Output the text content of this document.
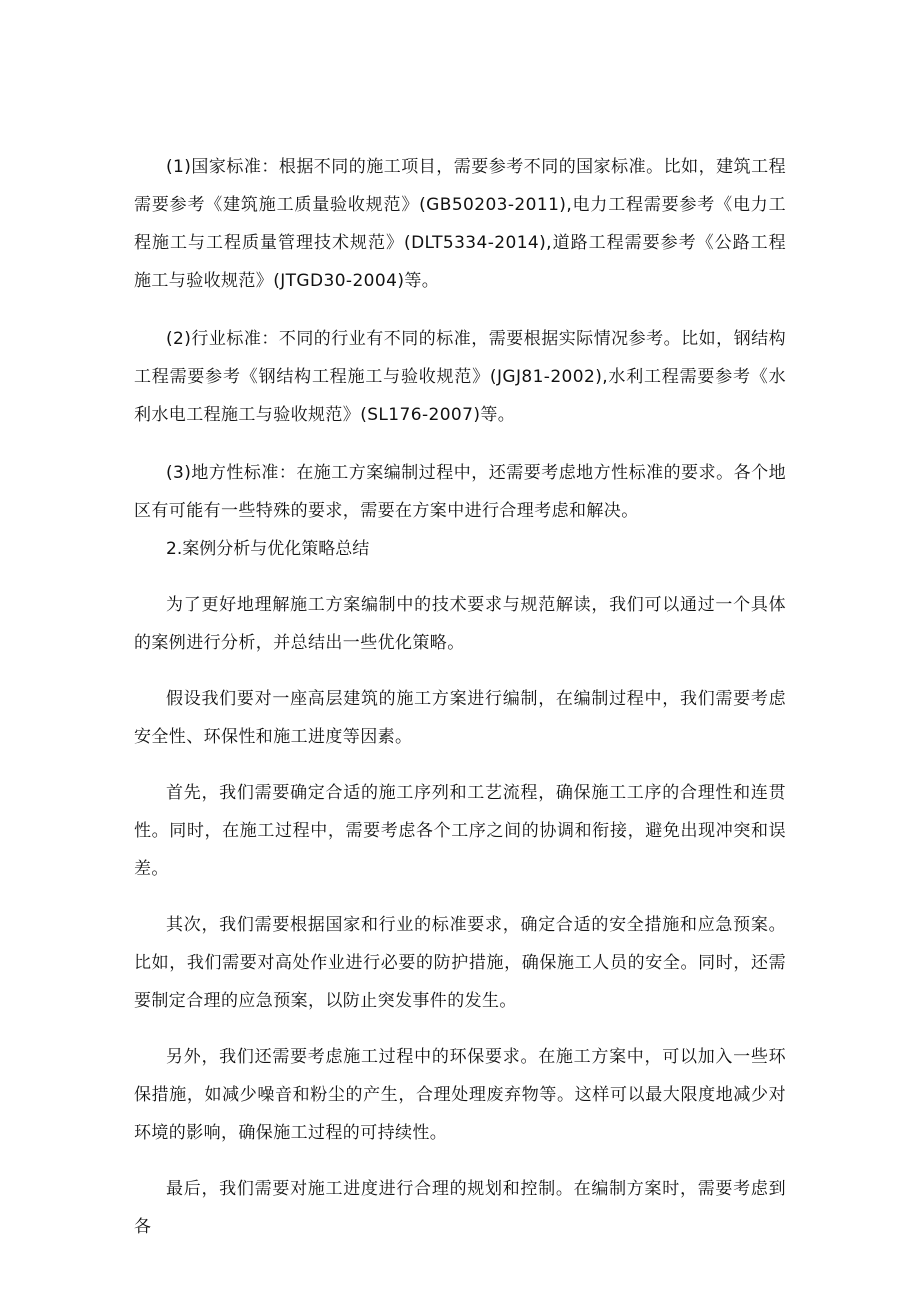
(1)国家标准：根据不同的施工项目，需要参考不同的国家标准。比如，建筑工程需要参考《建筑施工质量验收规范》(GB50203-2011),电力工程需要参考《电力工程施工与工程质量管理技术规范》(DLT5334-2014),道路工程需要参考《公路工程施工与验收规范》(JTGD30-2004)等。

(2)行业标准：不同的行业有不同的标准，需要根据实际情况参考。比如，钢结构工程需要参考《钢结构工程施工与验收规范》(JGJ81-2002),水利工程需要参考《水利水电工程施工与验收规范》(SL176-2007)等。

(3)地方性标准：在施工方案编制过程中，还需要考虑地方性标准的要求。各个地区有可能有一些特殊的要求，需要在方案中进行合理考虑和解决。

2.案例分析与优化策略总结

为了更好地理解施工方案编制中的技术要求与规范解读，我们可以通过一个具体的案例进行分析，并总结出一些优化策略。

假设我们要对一座高层建筑的施工方案进行编制，在编制过程中，我们需要考虑安全性、环保性和施工进度等因素。

首先，我们需要确定合适的施工序列和工艺流程，确保施工工序的合理性和连贯性。同时，在施工过程中，需要考虑各个工序之间的协调和衔接，避免出现冲突和误差。

其次，我们需要根据国家和行业的标准要求，确定合适的安全措施和应急预案。比如，我们需要对高处作业进行必要的防护措施，确保施工人员的安全。同时，还需要制定合理的应急预案，以防止突发事件的发生。

另外，我们还需要考虑施工过程中的环保要求。在施工方案中，可以加入一些环保措施，如减少噪音和粉尘的产生，合理处理废弃物等。这样可以最大限度地减少对环境的影响，确保施工过程的可持续性。

最后，我们需要对施工进度进行合理的规划和控制。在编制方案时，需要考虑到各
